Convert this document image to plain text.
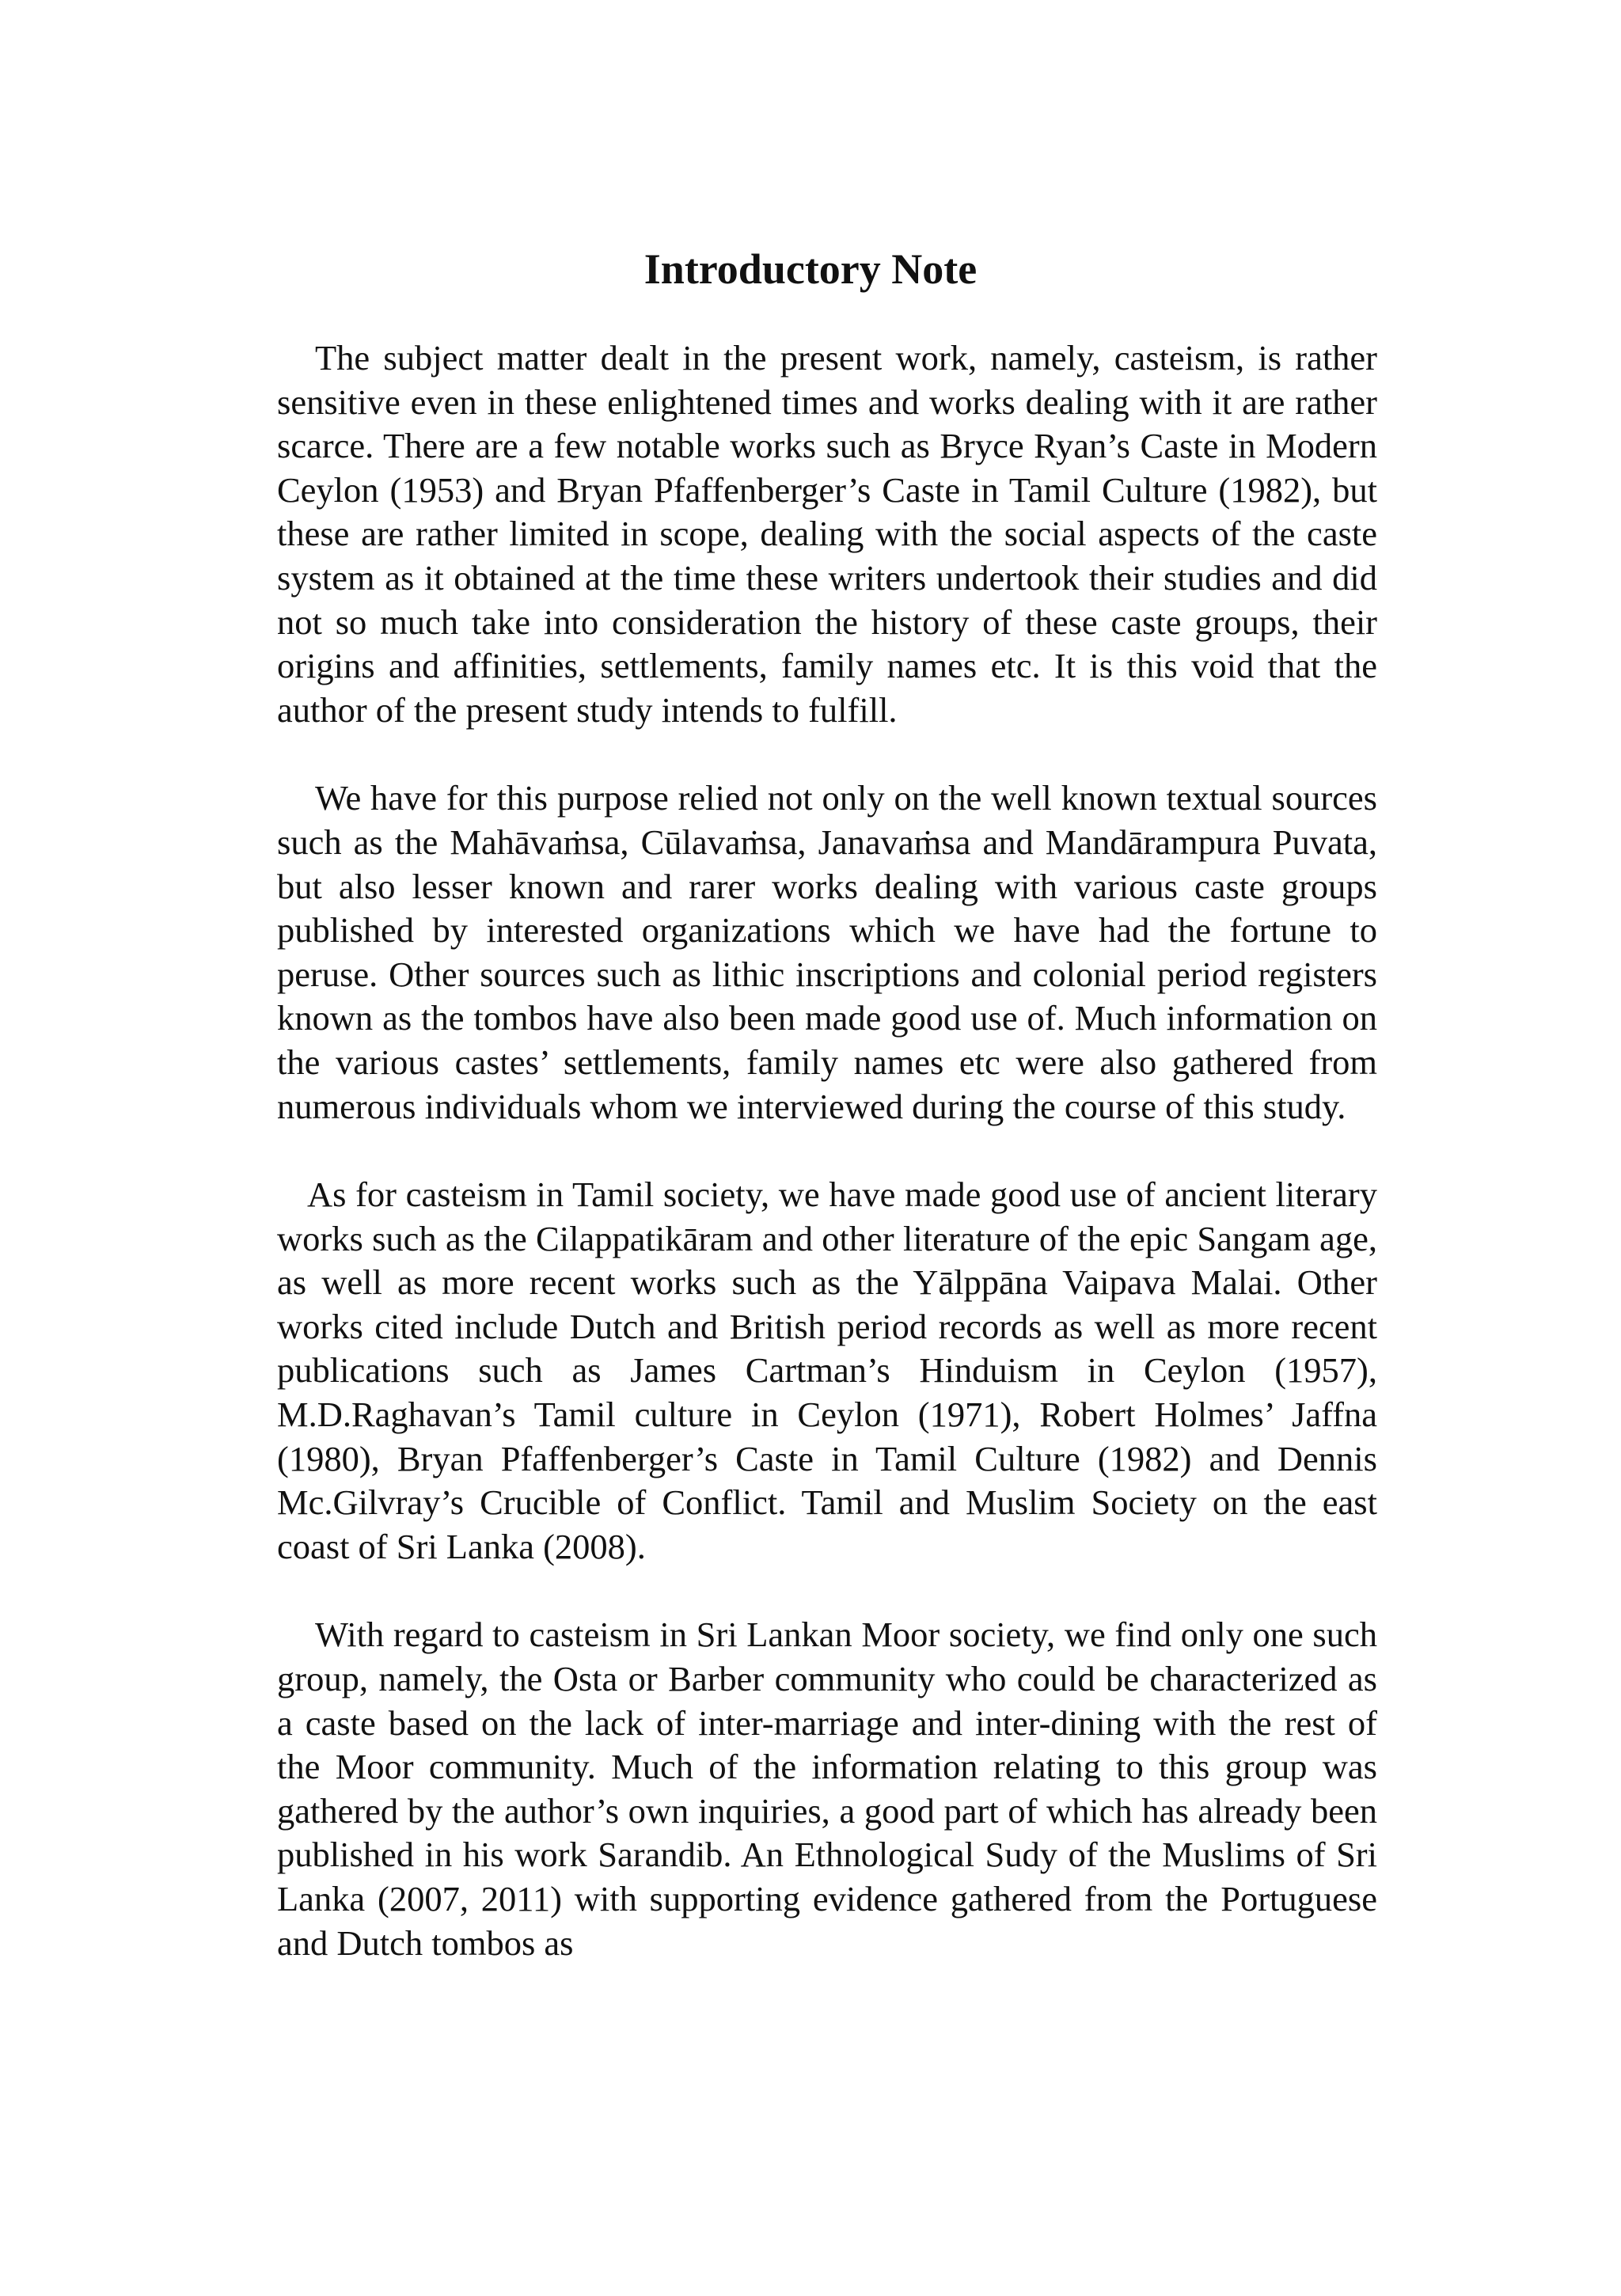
Introductory Note

The subject matter dealt in the present work, namely, casteism, is rather sensitive even in these enlightened times and works dealing with it are rather scarce. There are a few notable works such as Bryce Ryan’s Caste in Modern Ceylon (1953) and Bryan Pfaffenberger’s Caste in Tamil Culture (1982), but these are rather limited in scope, dealing with the social aspects of the caste system as it obtained at the time these writers undertook their studies and did not so much take into consideration the history of these caste groups, their origins and affinities, settlements, family names etc. It is this void that the author of the present study intends to fulfill.

We have for this purpose relied not only on the well known textual sources such as the Mahāvaṁsa, Cūlavaṁsa, Janavaṁsa and Mandārampura Puvata, but also lesser known and rarer works dealing with various caste groups published by interested organizations which we have had the fortune to peruse. Other sources such as lithic inscriptions and colonial period registers known as the tombos have also been made good use of. Much information on the various castes’ settlements, family names etc were also gathered from numerous individuals whom we interviewed during the course of this study.

As for casteism in Tamil society, we have made good use of ancient literary works such as the Cilappatikāram and other literature of the epic Sangam age, as well as more recent works such as the Yālppāna Vaipava Malai. Other works cited include Dutch and British period records as well as more recent publications such as James Cartman’s Hinduism in Ceylon (1957), M.D.Raghavan’s Tamil culture in Ceylon (1971), Robert Holmes’ Jaffna (1980), Bryan Pfaffenberger’s Caste in Tamil Culture (1982) and Dennis Mc.Gilvray’s Crucible of Conflict. Tamil and Muslim Society on the east coast of Sri Lanka (2008).

With regard to casteism in Sri Lankan Moor society, we find only one such group, namely, the Osta or Barber community who could be characterized as a caste based on the lack of inter-marriage and inter-dining with the rest of the Moor community. Much of the information relating to this group was gathered by the author’s own inquiries, a good part of which has already been published in his work Sarandib. An Ethnological Sudy of the Muslims of Sri Lanka (2007, 2011) with supporting evidence gathered from the Portuguese and Dutch tombos as
